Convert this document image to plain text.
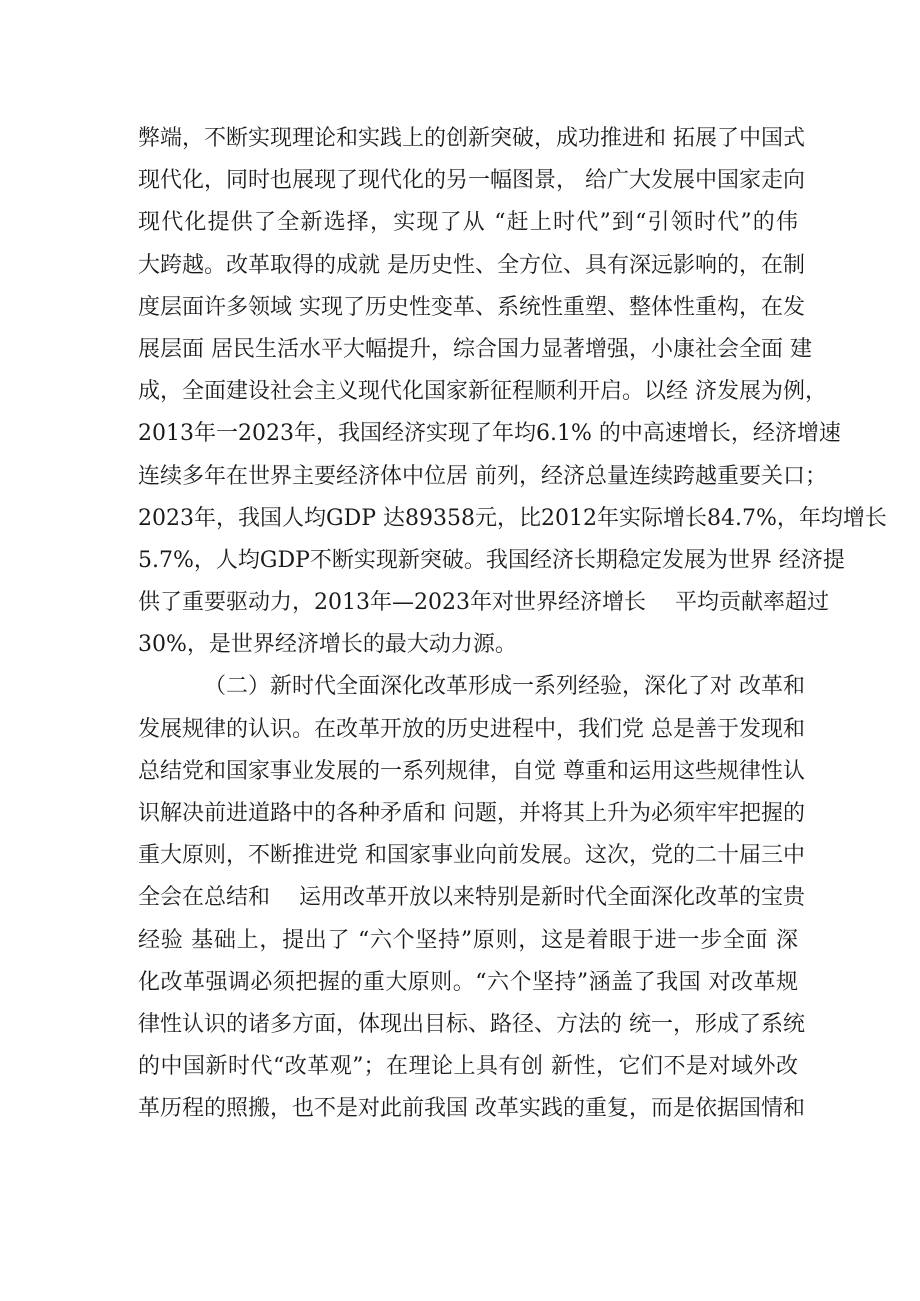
弊端，不断实现理论和实践上的创新突破，成功推进和 拓展了中国式
现代化，同时也展现了现代化的另一幅图景， 给广大发展中国家走向
现代化提供了全新选择，实现了从 “赶上时代”到“引领时代”的伟
大跨越。改革取得的成就 是历史性、全方位、具有深远影响的，在制
度层面许多领域 实现了历史性变革、系统性重塑、整体性重构，在发
展层面 居民生活水平大幅提升，综合国力显著增强，小康社会全面 建
成，全面建设社会主义现代化国家新征程顺利开启。以经 济发展为例，
2013年一2023年，我国经济实现了年均6.1% 的中高速增长，经济增速
连续多年在世界主要经济体中位居 前列，经济总量连续跨越重要关口；
2023年，我国人均GDP 达89358元，比2012年实际增长84.7%，年均增长
5.7%，人均GDP不断实现新突破。我国经济长期稳定发展为世界 经济提
供了重要驱动力，2013年—2023年对世界经济增长　 平均贡献率超过
30%，是世界经济增长的最大动力源。
（二）新时代全面深化改革形成一系列经验，深化了对 改革和
发展规律的认识。在改革开放的历史进程中，我们党 总是善于发现和
总结党和国家事业发展的一系列规律，自觉 尊重和运用这些规律性认
识解决前进道路中的各种矛盾和 问题，并将其上升为必须牢牢把握的
重大原则，不断推进党 和国家事业向前发展。这次，党的二十届三中
全会在总结和　 运用改革开放以来特别是新时代全面深化改革的宝贵
经验 基础上，提出了 “六个坚持”原则，这是着眼于进一步全面 深
化改革强调必须把握的重大原则。“六个坚持”涵盖了我国 对改革规
律性认识的诸多方面，体现出目标、路径、方法的 统一，形成了系统
的中国新时代“改革观”；在理论上具有创 新性，它们不是对域外改
革历程的照搬，也不是对此前我国 改革实践的重复，而是依据国情和
